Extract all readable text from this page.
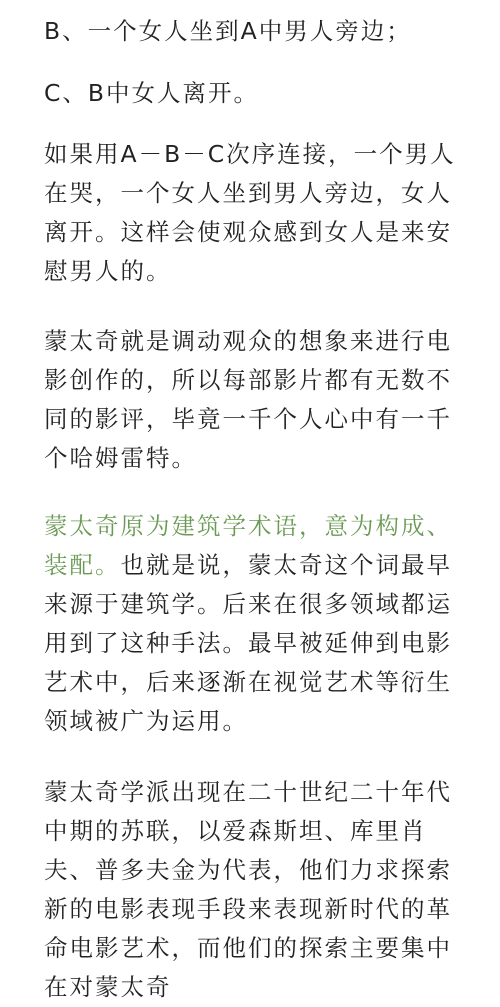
B、一个女人坐到A中男人旁边；

C、B中女人离开。

如果用A－B－C次序连接，一个男人在哭，一个女人坐到男人旁边，女人离开。这样会使观众感到女人是来安慰男人的。

蒙太奇就是调动观众的想象来进行电影创作的，所以每部影片都有无数不同的影评，毕竟一千个人心中有一千个哈姆雷特。

蒙太奇原为建筑学术语，意为构成、装配。也就是说，蒙太奇这个词最早来源于建筑学。后来在很多领域都运用到了这种手法。最早被延伸到电影艺术中，后来逐渐在视觉艺术等衍生领域被广为运用。

蒙太奇学派出现在二十世纪二十年代中期的苏联，以爱森斯坦、库里肖夫、普多夫金为代表，他们力求探索新的电影表现手段来表现新时代的革命电影艺术，而他们的探索主要集中在对蒙太奇
